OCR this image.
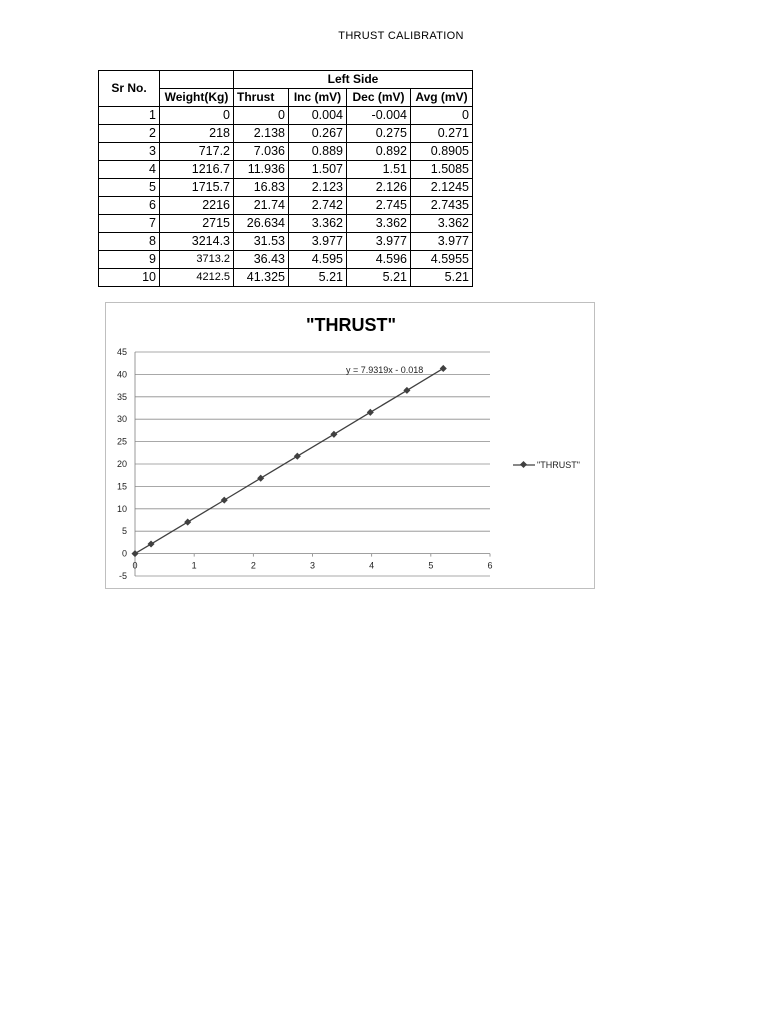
THRUST CALIBRATION
Sr No.		Left Side			
	Weight(Kg)	Thrust	Inc (mV)	Dec (mV)	Avg (mV)
1	0	0	0.004	-0.004	0
2	218	2.138	0.267	0.275	0.271
3	717.2	7.036	0.889	0.892	0.8905
4	1216.7	11.936	1.507	1.51	1.5085
5	1715.7	16.83	2.123	2.126	2.1245
6	2216	21.74	2.742	2.745	2.7435
7	2715	26.634	3.362	3.362	3.362
8	3214.3	31.53	3.977	3.977	3.977
9	3713.2	36.43	4.595	4.596	4.5955
10	4212.5	41.325	5.21	5.21	5.21
"THRUST"
-5
0
5
10
15
20
25
30
35
40
45
0	1	2	3	4	5	6
y = 7.9319x - 0.018
"THRUST"
